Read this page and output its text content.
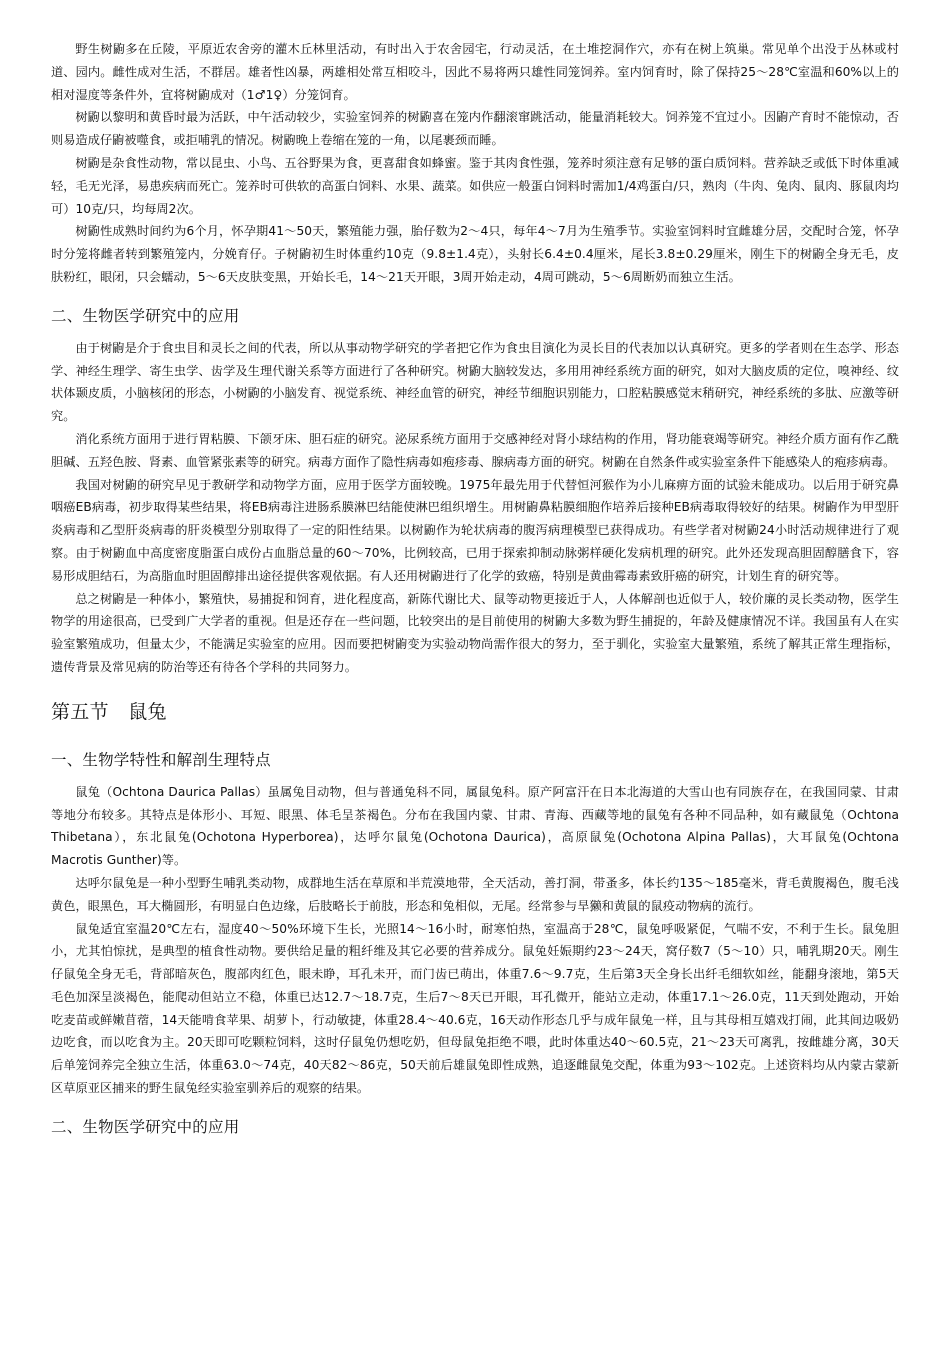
野生树鼩多在丘陵，平原近农舍旁的灌木丘林里活动，有时出入于农舍园宅，行动灵活，在土堆挖洞作穴，亦有在树上筑巢。常见单个出没于丛林或村道、园内。雌性成对生活，不群居。雄者性凶暴，两雄相处常互相咬斗，因此不易将两只雄性同笼饲养。室内饲育时，除了保持25～28℃室温和60%以上的相对湿度等条件外，宜将树鼩成对（1♂1♀）分笼饲育。

树鼩以黎明和黄昏时最为活跃，中午活动较少，实验室饲养的树鼩喜在笼内作翻滚窜跳活动，能量消耗较大。饲养笼不宜过小。因鼩产育时不能惊动，否则易造成仔鼩被噬食，或拒哺乳的情况。树鼩晚上卷缩在笼的一角，以尾裹颈而睡。

树鼩是杂食性动物，常以昆虫、小鸟、五谷野果为食，更喜甜食如蜂蜜。鉴于其肉食性强，笼养时须注意有足够的蛋白质饲料。营养缺乏或低下时体重减轻，毛无光泽，易患疾病而死亡。笼养时可供软的高蛋白饲料、水果、蔬菜。如供应一般蛋白饲料时需加1/4鸡蛋白/只，熟肉（牛肉、兔肉、鼠肉、豚鼠肉均可）10克/只，均每周2次。

树鼩性成熟时间约为6个月，怀孕期41～50天，繁殖能力强，胎仔数为2～4只，每年4～7月为生殖季节。实验室饲料时宜雌雄分居，交配时合笼，怀孕时分笼将雌者转到繁殖笼内，分娩育仔。子树鼩初生时体重约10克（9.8±1.4克），头射长6.4±0.4厘米，尾长3.8±0.29厘米，刚生下的树鼩全身无毛，皮肤粉红，眼闭，只会蠕动，5～6天皮肤变黑，开始长毛，14～21天开眼，3周开始走动，4周可跳动，5～6周断奶而独立生活。

二、生物医学研究中的应用

由于树鼩是介于食虫目和灵长之间的代表，所以从事动物学研究的学者把它作为食虫目演化为灵长目的代表加以认真研究。更多的学者则在生态学、形态学、神经生理学、寄生虫学、齿学及生理代谢关系等方面进行了各种研究。树鼩大脑较发达，多用用神经系统方面的研究，如对大脑皮质的定位，嗅神经、纹状体颞皮质，小脑核闭的形态，小树鼩的小脑发育、视觉系统、神经血管的研究，神经节细胞识别能力，口腔粘膜感觉末稍研究，神经系统的多肽、应激等研究。

消化系统方面用于进行胃粘膜、下颌牙床、胆石症的研究。泌尿系统方面用于交感神经对肾小球结构的作用，肾功能衰竭等研究。神经介质方面有作乙酰胆碱、五羟色胺、肾素、血管紧张素等的研究。病毒方面作了隐性病毒如疱疹毒、腺病毒方面的研究。树鼩在自然条件或实验室条件下能感染人的疱疹病毒。

我国对树鼩的研究早见于教研学和动物学方面，应用于医学方面较晚。1975年最先用于代替恒河猴作为小儿麻痹方面的试验未能成功。以后用于研究鼻咽癌EB病毒，初步取得某些结果，将EB病毒注进肠系膜淋巴结能使淋巴组织增生。用树鼩鼻粘膜细胞作培养后接种EB病毒取得较好的结果。树鼩作为甲型肝炎病毒和乙型肝炎病毒的肝炎模型分别取得了一定的阳性结果。以树鼩作为轮状病毒的腹泻病理模型已获得成功。有些学者对树鼩24小时活动规律进行了观察。由于树鼩血中高度密度脂蛋白成份占血脂总量的60～70%，比例较高，已用于探索抑制动脉粥样硬化发病机理的研究。此外还发现高胆固醇膳食下，容易形成胆结石，为高脂血时胆固醇排出途径提供客观依据。有人还用树鼩进行了化学的致癌，特别是黄曲霉毒素致肝癌的研究，计划生育的研究等。

总之树鼩是一种体小，繁殖快，易捕捉和饲育，进化程度高，新陈代谢比犬、鼠等动物更接近于人，人体解剖也近似于人，较价廉的灵长类动物，医学生物学的用途很高，已受到广大学者的重视。但是还存在一些问题，比较突出的是目前使用的树鼩大多数为野生捕捉的，年龄及健康情况不详。我国虽有人在实验室繁殖成功，但量太少，不能满足实验室的应用。因而要把树鼩变为实验动物尚需作很大的努力，至于驯化，实验室大量繁殖，系统了解其正常生理指标，遗传背景及常见病的防治等还有待各个学科的共同努力。

第五节　鼠兔
一、生物学特性和解剖生理特点

鼠兔（Ochtona Daurica Pallas）虽属兔目动物，但与普通兔科不同，属鼠兔科。原产阿富汗在日本北海道的大雪山也有同族存在，在我国同蒙、甘肃等地分布较多。其特点是体形小、耳短、眼黑、体毛呈茶褐色。分布在我国内蒙、甘肃、青海、西藏等地的鼠兔有各种不同品种，如有藏鼠兔（Ochtona Thibetana），东北鼠兔(Ochotona Hyperborea)，达呼尔鼠兔(Ochotona Daurica)，高原鼠兔(Ochotona Alpina Pallas)，大耳鼠兔(Ochtona Macrotis Gunther)等。

达呼尔鼠兔是一种小型野生哺乳类动物，成群地生活在草原和半荒漠地带，全天活动，善打洞，带蚤多，体长约135～185毫米，背毛黄腹褐色，腹毛浅黄色，眼黑色，耳大椭圆形，有明显白色边缘，后肢略长于前肢，形态和兔相似，无尾。经常参与旱獭和黄鼠的鼠疫动物病的流行。

鼠兔适宜室温20℃左右，湿度40～50%环境下生长，光照14～16小时，耐寒怕热，室温高于28℃，鼠兔呼吸紧促，气喘不安，不利于生长。鼠兔胆小，尤其怕惊扰，是典型的植食性动物。要供给足量的粗纤维及其它必要的营养成分。鼠兔妊娠期约23～24天，窝仔数7（5～10）只，哺乳期20天。刚生仔鼠兔全身无毛，背部暗灰色，腹部肉红色，眼未睁，耳孔未开，而门齿已萌出，体重7.6～9.7克，生后第3天全身长出纤毛细软如丝，能翻身滚地，第5天毛色加深呈淡褐色，能爬动但站立不稳，体重已达12.7～18.7克，生后7～8天已开眼，耳孔微开，能站立走动，体重17.1～26.0克，11天到处跑动，开始吃麦苗或鲜嫩苜蓿，14天能啃食苹果、胡萝卜，行动敏捷，体重28.4～40.6克，16天动作形态几乎与成年鼠兔一样，且与其母相互嬉戏打闹，此其间边吸奶边吃食，而以吃食为主。20天即可吃颗粒饲料，这时仔鼠兔仍想吃奶，但母鼠兔拒绝不喂，此时体重达40～60.5克，21～23天可离乳，按雌雄分离，30天后单笼饲养完全独立生活，体重63.0～74克，40天82～86克，50天前后雄鼠兔即性成熟，追逐雌鼠兔交配，体重为93～102克。上述资料均从内蒙古蒙新区草原亚区捕来的野生鼠兔经实验室驯养后的观察的结果。

二、生物医学研究中的应用
